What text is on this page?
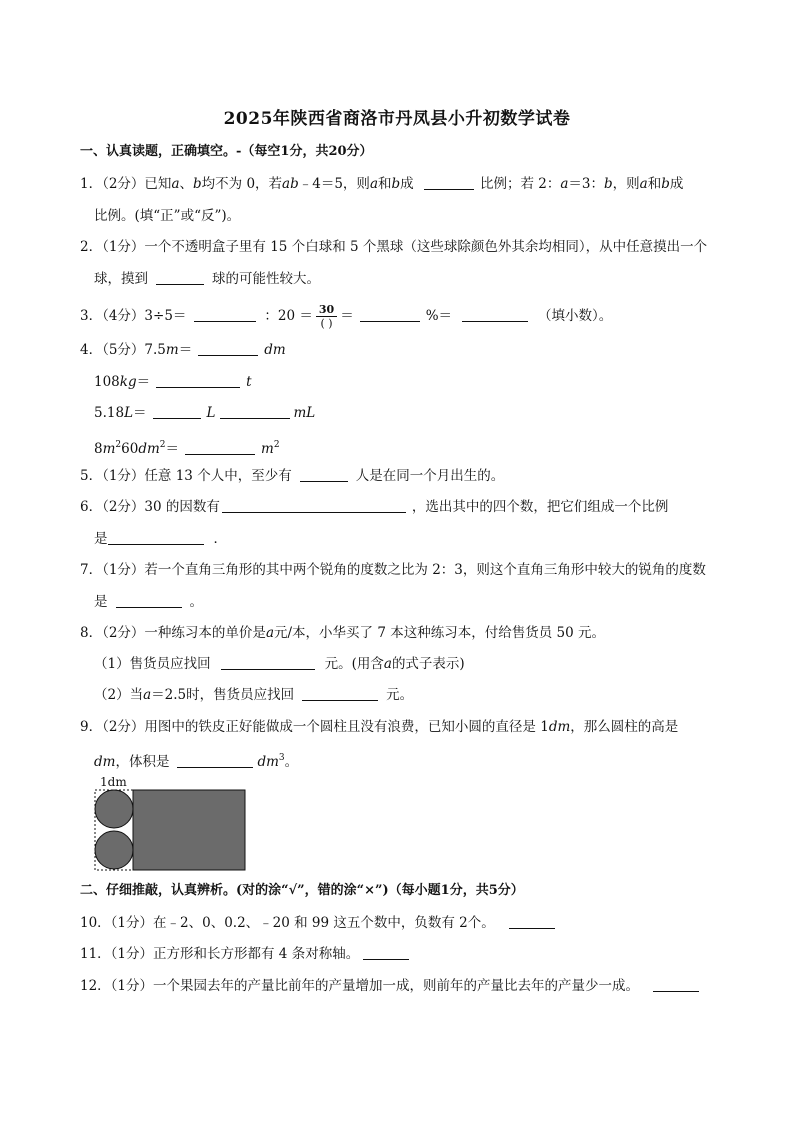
2025年陕西省商洛市丹凤县小升初数学试卷
一、认真读题，正确填空。-（每空1分，共20分）
1．（2分）已知a、b均不为 0，若ab﹣4＝5，则a和b成	比例；若 2：a＝3：b，则a和b成
比例。(填“正”或“反”)。
2．（1分）一个不透明盒子里有 15 个白球和 5 个黑球（这些球除颜色外其余均相同），从中任意摸出一个
球，摸到	球的可能性较大。
3．（4分）3÷5＝	：$20 = \frac{30}{( )}$ ＝	%＝	（填小数）。
4．（5分）7.5m＝	dm
108kg＝	t
5.18L＝	L	mL
$8m^260dm^2=$	$m^2$
5．（1分）任意 13 个人中，至少有	人是在同一个月出生的。
6．（2分）30 的因数有	，选出其中的四个数，把它们组成一个比例
是	．
7．（1分）若一个直角三角形的其中两个锐角的度数之比为 2：3，则这个直角三角形中较大的锐角的度数
是	。
8．（2分）一种练习本的单价是a元/本，小华买了 7 本这种练习本，付给售货员 50 元。
（1）售货员应找回	元。(用含a的式子表示)
（2）当a＝2.5时，售货员应找回	元。
9．（2分）用图中的铁皮正好能做成一个圆柱且没有浪费，已知小圆的直径是 1dm，那么圆柱的高是
dm，体积是	$dm^3$。
1dm
二、仔细推敲，认真辨析。(对的涂“√”，错的涂“×”)（每小题1分，共5分）
10．（1分）在﹣2、0、0.2、﹣20 和 99 这五个数中，负数有 2个。
11．（1分）正方形和长方形都有 4 条对称轴。
12．（1分）一个果园去年的产量比前年的产量增加一成，则前年的产量比去年的产量少一成。
